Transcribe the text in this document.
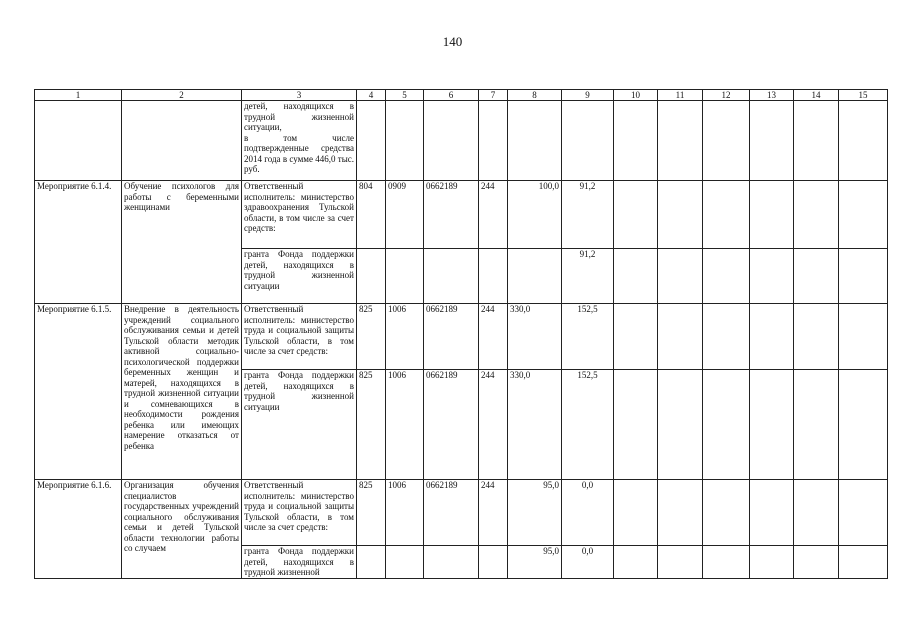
140
1	2	3	4	5	6	7	8	9	10	11	12	13	14	15
		детей, находящихся в трудной жизненной ситуации,
в том числе подтвержденные средства 2014 года в сумме 446,0 тыс. руб.												
Мероприятие 6.1.4.	Обучение психологов для работы с беременными женщинами	Ответственный исполнитель: министерство здравоохранения Тульской области, в том числе за счет средств:	804	0909	0662189	244	100,0	91,2						
		гранта Фонда поддержки детей, находящихся в трудной жизненной ситуации						91,2						
Мероприятие 6.1.5.	Внедрение в деятельность учреждений социального обслуживания семьи и детей Тульской области методик активной социально-психологической поддержки беременных женщин и матерей, находящихся в трудной жизненной ситуации и сомневающихся в необходимости рождения ребенка или имеющих намерение отказаться от ребенка	Ответственный исполнитель: министерство труда и социальной защиты Тульской области, в том числе за счет средств:	825	1006	0662189	244	330,0	152,5						
		гранта Фонда поддержки детей, находящихся в трудной жизненной ситуации	825	1006	0662189	244	330,0	152,5						
Мероприятие 6.1.6.	Организация обучения специалистов государственных учреждений социального обслуживания семьи и детей Тульской области технологии работы со случаем	Ответственный исполнитель: министерство труда и социальной защиты Тульской области, в том числе за счет средств:	825	1006	0662189	244	95,0	0,0						
		гранта Фонда поддержки детей, находящихся в трудной жизненной					95,0	0,0						
